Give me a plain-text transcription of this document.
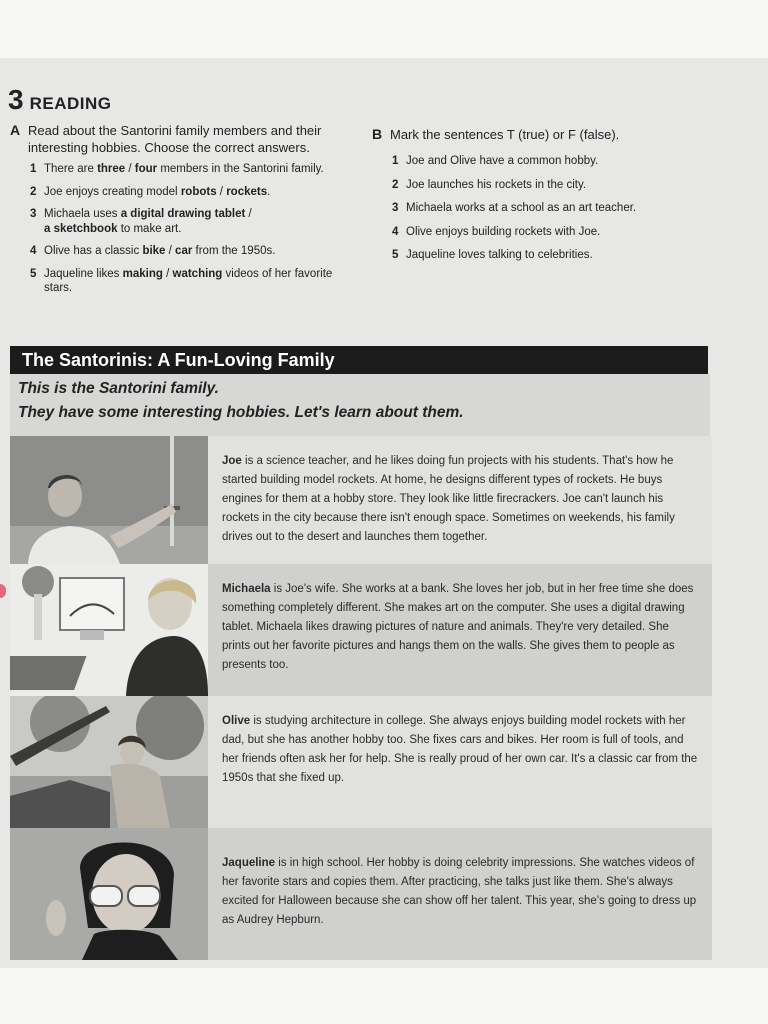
3 READING
A Read about the Santorini family members and their interesting hobbies. Choose the correct answers.
1 There are three / four members in the Santorini family.
2 Joe enjoys creating model robots / rockets.
3 Michaela uses a digital drawing tablet /
a sketchbook to make art.
4 Olive has a classic bike / car from the 1950s.
5 Jaqueline likes making / watching videos of her favorite stars.
B Mark the sentences T (true) or F (false).
1 Joe and Olive have a common hobby.
2 Joe launches his rockets in the city.
3 Michaela works at a school as an art teacher.
4 Olive enjoys building rockets with Joe.
5 Jaqueline loves talking to celebrities.
The Santorinis: A Fun-Loving Family
This is the Santorini family.
They have some interesting hobbies. Let's learn about them.
Joe is a science teacher, and he likes doing fun projects with his students. That's how he started building model rockets. At home, he designs different types of rockets. He buys engines for them at a hobby store. They look like little firecrackers. Joe can't launch his rockets in the city because there isn't enough space. Sometimes on weekends, his family drives out to the desert and launches them together.
Michaela is Joe's wife. She works at a bank. She loves her job, but in her free time she does something completely different. She makes art on the computer. She uses a digital drawing tablet. Michaela likes drawing pictures of nature and animals. They're very detailed. She prints out her favorite pictures and hangs them on the walls. She gives them to people as presents too.
Olive is studying architecture in college. She always enjoys building model rockets with her dad, but she has another hobby too. She fixes cars and bikes. Her room is full of tools, and her friends often ask her for help. She is really proud of her own car. It's a classic car from the 1950s that she fixed up.
Jaqueline is in high school. Her hobby is doing celebrity impressions. She watches videos of her favorite stars and copies them. After practicing, she talks just like them. She's always excited for Halloween because she can show off her talent. This year, she's going to dress up as Audrey Hepburn.
